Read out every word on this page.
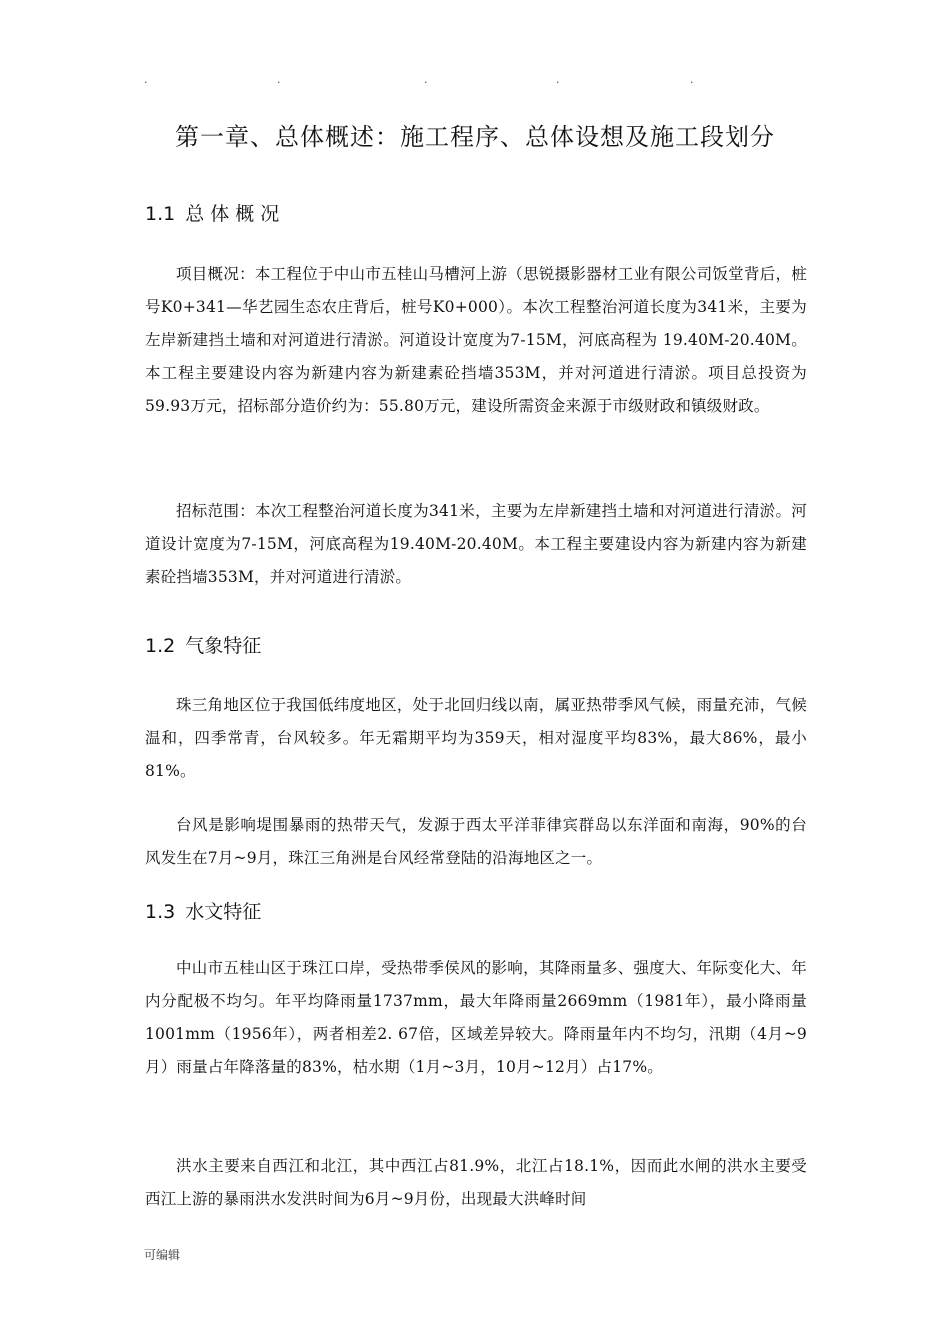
.	.	.	.	.
第一章、总体概述：施工程序、总体设想及施工段划分
1.1 总体概况

项目概况：本工程位于中山市五桂山马槽河上游（思锐摄影器材工业有限公司饭堂背后，桩号K0+341—华艺园生态农庄背后，桩号K0+000）。本次工程整治河道长度为341米，主要为左岸新建挡土墙和对河道进行清淤。河道设计宽度为7-15M，河底高程为 19.40M-20.40M。本工程主要建设内容为新建内容为新建素砼挡墙353M，并对河道进行清淤。项目总投资为59.93万元，招标部分造价约为：55.80万元，建设所需资金来源于市级财政和镇级财政。

招标范围：本次工程整治河道长度为341米，主要为左岸新建挡土墙和对河道进行清淤。河道设计宽度为7-15M，河底高程为19.40M-20.40M。本工程主要建设内容为新建内容为新建素砼挡墙353M，并对河道进行清淤。

1.2 气象特征

珠三角地区位于我国低纬度地区，处于北回归线以南，属亚热带季风气候，雨量充沛，气候温和，四季常青，台风较多。年无霜期平均为359天，相对湿度平均83%，最大86%，最小81%。

台风是影响堤围暴雨的热带天气，发源于西太平洋菲律宾群岛以东洋面和南海，90%的台风发生在7月~9月，珠江三角洲是台风经常登陆的沿海地区之一。

1.3 水文特征

中山市五桂山区于珠江口岸，受热带季侯风的影响，其降雨量多、强度大、年际变化大、年内分配极不均匀。年平均降雨量1737mm，最大年降雨量2669mm（1981年），最小降雨量1001mm（1956年），两者相差2. 67倍，区域差异较大。降雨量年内不均匀，汛期（4月~9月）雨量占年降落量的83%，枯水期（1月~3月，10月~12月）占17%。

洪水主要来自西江和北江，其中西江占81.9%，北江占18.1%，因而此水闸的洪水主要受西江上游的暴雨洪水发洪时间为6月~9月份，出现最大洪峰时间

可编辑
